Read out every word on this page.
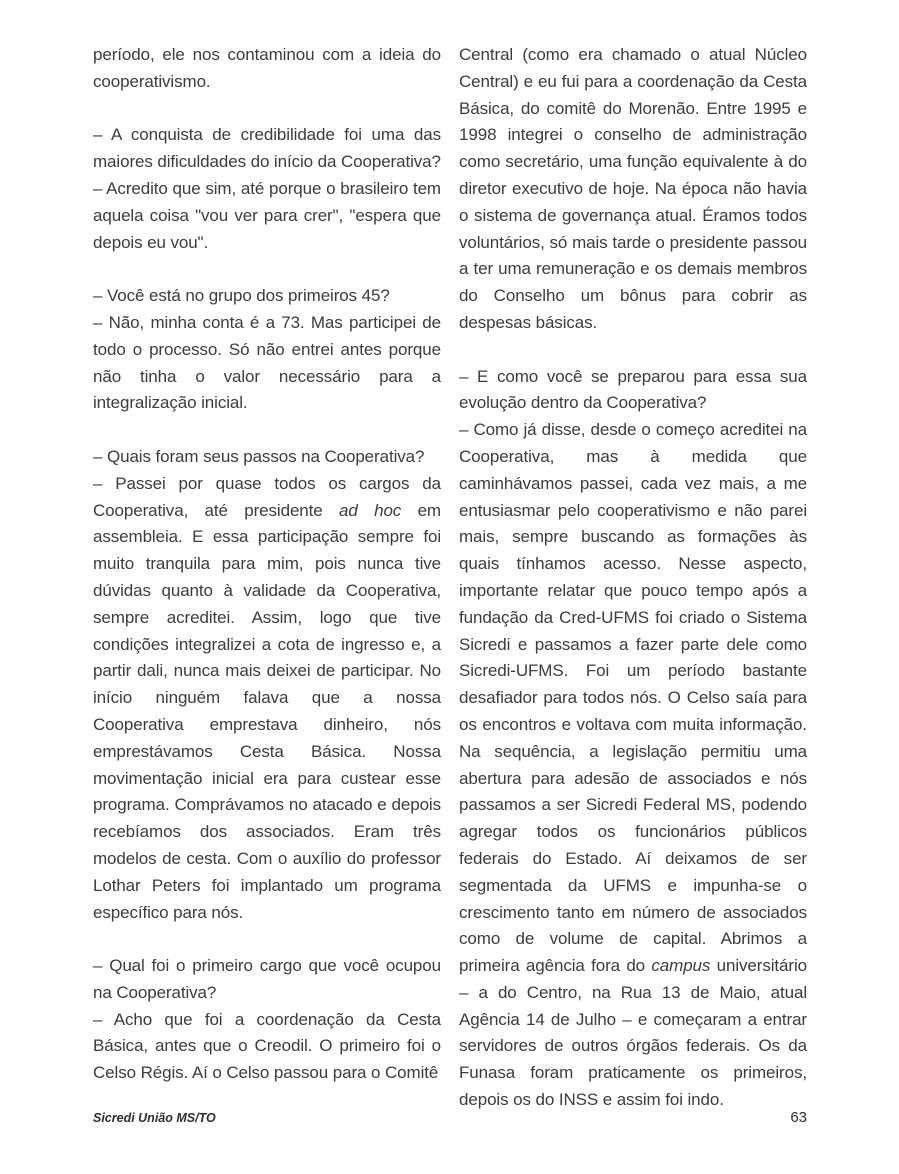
período, ele nos contaminou com a ideia do cooperativismo.

– A conquista de credibilidade foi uma das maiores dificuldades do início da Cooperativa?

– Acredito que sim, até porque o brasileiro tem aquela coisa "vou ver para crer", "espera que depois eu vou".

– Você está no grupo dos primeiros 45?

– Não, minha conta é a 73. Mas participei de todo o processo. Só não entrei antes porque não tinha o valor necessário para a integralização inicial.

– Quais foram seus passos na Cooperativa?

– Passei por quase todos os cargos da Cooperativa, até presidente ad hoc em assembleia. E essa participação sempre foi muito tranquila para mim, pois nunca tive dúvidas quanto à validade da Cooperativa, sempre acreditei. Assim, logo que tive condições integralizei a cota de ingresso e, a partir dali, nunca mais deixei de participar. No início ninguém falava que a nossa Cooperativa emprestava dinheiro, nós emprestávamos Cesta Básica. Nossa movimentação inicial era para custear esse programa. Comprávamos no atacado e depois recebíamos dos associados. Eram três modelos de cesta. Com o auxílio do professor Lothar Peters foi implantado um programa específico para nós.

– Qual foi o primeiro cargo que você ocupou na Cooperativa?

– Acho que foi a coordenação da Cesta Básica, antes que o Creodil. O primeiro foi o Celso Régis. Aí o Celso passou para o Comitê

Central (como era chamado o atual Núcleo Central) e eu fui para a coordenação da Cesta Básica, do comitê do Morenão. Entre 1995 e 1998 integrei o conselho de administração como secretário, uma função equivalente à do diretor executivo de hoje. Na época não havia o sistema de governança atual. Éramos todos voluntários, só mais tarde o presidente passou a ter uma remuneração e os demais membros do Conselho um bônus para cobrir as despesas básicas.

– E como você se preparou para essa sua evolução dentro da Cooperativa?

– Como já disse, desde o começo acreditei na Cooperativa, mas à medida que caminhávamos passei, cada vez mais, a me entusiasmar pelo cooperativismo e não parei mais, sempre buscando as formações às quais tínhamos acesso. Nesse aspecto, importante relatar que pouco tempo após a fundação da Cred-UFMS foi criado o Sistema Sicredi e passamos a fazer parte dele como Sicredi-UFMS. Foi um período bastante desafiador para todos nós. O Celso saía para os encontros e voltava com muita informação. Na sequência, a legislação permitiu uma abertura para adesão de associados e nós passamos a ser Sicredi Federal MS, podendo agregar todos os funcionários públicos federais do Estado. Aí deixamos de ser segmentada da UFMS e impunha-se o crescimento tanto em número de associados como de volume de capital. Abrimos a primeira agência fora do campus universitário – a do Centro, na Rua 13 de Maio, atual Agência 14 de Julho – e começaram a entrar servidores de outros órgãos federais. Os da Funasa foram praticamente os primeiros, depois os do INSS e assim foi indo.

Sicredi União MS/TO	63
